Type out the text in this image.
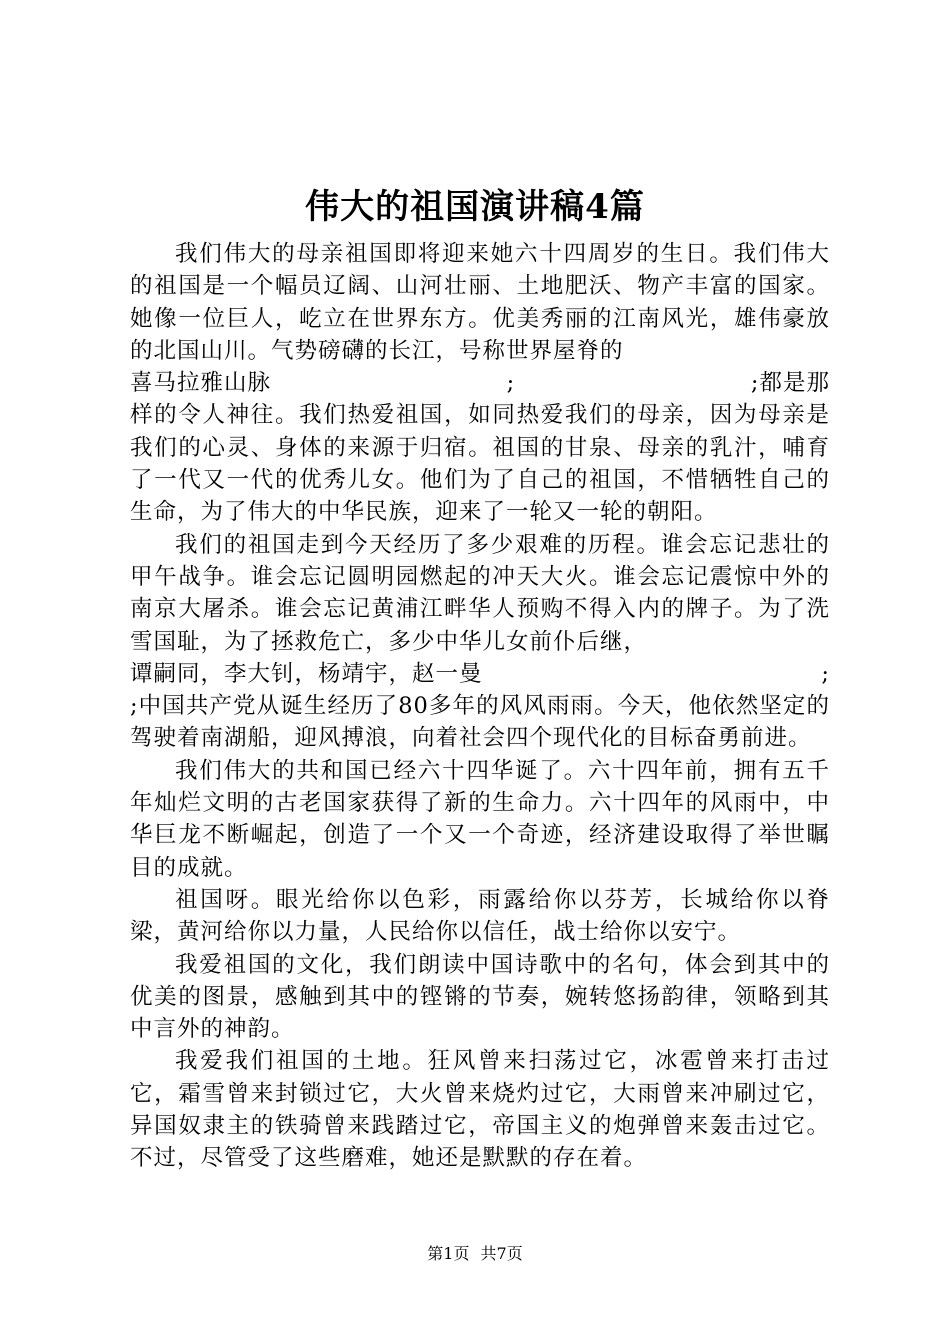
伟大的祖国演讲稿4篇

我们伟大的母亲祖国即将迎来她六十四周岁的生日。我们伟大的祖国是一个幅员辽阔、山河壮丽、土地肥沃、物产丰富的国家。她像一位巨人，屹立在世界东方。优美秀丽的江南风光，雄伟豪放的北国山川。气势磅礴的长江，号称世界屋脊的

喜马拉雅山脉	;	;都是那

样的令人神往。我们热爱祖国，如同热爱我们的母亲，因为母亲是我们的心灵、身体的来源于归宿。祖国的甘泉、母亲的乳汁，哺育了一代又一代的优秀儿女。他们为了自己的祖国，不惜牺牲自己的生命，为了伟大的中华民族，迎来了一轮又一轮的朝阳。

我们的祖国走到今天经历了多少艰难的历程。谁会忘记悲壮的甲午战争。谁会忘记圆明园燃起的冲天大火。谁会忘记震惊中外的南京大屠杀。谁会忘记黄浦江畔华人预购不得入内的牌子。为了洗雪国耻，为了拯救危亡，多少中华儿女前仆后继，

谭嗣同，李大钊，杨靖宇，赵一曼	;

;中国共产党从诞生经历了80多年的风风雨雨。今天，他依然坚定的驾驶着南湖船，迎风搏浪，向着社会四个现代化的目标奋勇前进。

我们伟大的共和国已经六十四华诞了。六十四年前，拥有五千年灿烂文明的古老国家获得了新的生命力。六十四年的风雨中，中华巨龙不断崛起，创造了一个又一个奇迹，经济建设取得了举世瞩目的成就。

祖国呀。眼光给你以色彩，雨露给你以芬芳，长城给你以脊梁，黄河给你以力量，人民给你以信任，战士给你以安宁。

我爱祖国的文化，我们朗读中国诗歌中的名句，体会到其中的优美的图景，感触到其中的铿锵的节奏，婉转悠扬韵律，领略到其中言外的神韵。

我爱我们祖国的土地。狂风曾来扫荡过它，冰雹曾来打击过它，霜雪曾来封锁过它，大火曾来烧灼过它，大雨曾来冲刷过它，异国奴隶主的铁骑曾来践踏过它，帝国主义的炮弹曾来轰击过它。不过，尽管受了这些磨难，她还是默默的存在着。

第1页 共7页
